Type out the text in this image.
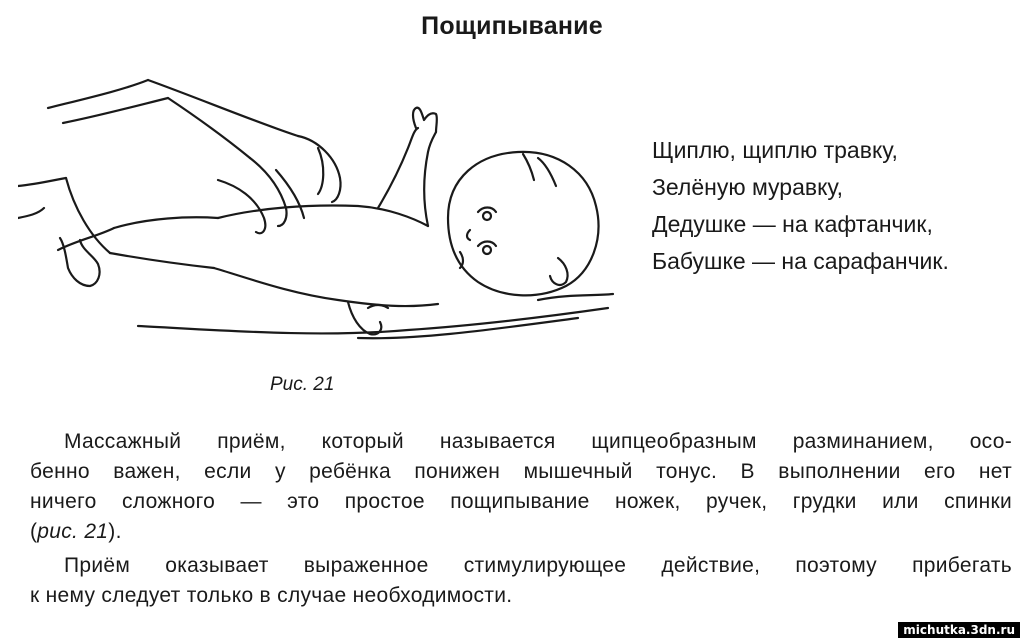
Пощипывание
Рис. 21
Щиплю, щиплю травку,
Зелёную муравку,
Дедушке — на кафтанчик,
Бабушке — на сарафанчик.
Массажный приём, который называется щипцеобразным разминанием, осо-
бенно важен, если у ребёнка понижен мышечный тонус. В выполнении его нет
ничего сложного — это простое пощипывание ножек, ручек, грудки или спинки
(рис. 21).
Приём оказывает выраженное стимулирующее действие, поэтому прибегать
к нему следует только в случае необходимости.
michutka.3dn.ru
